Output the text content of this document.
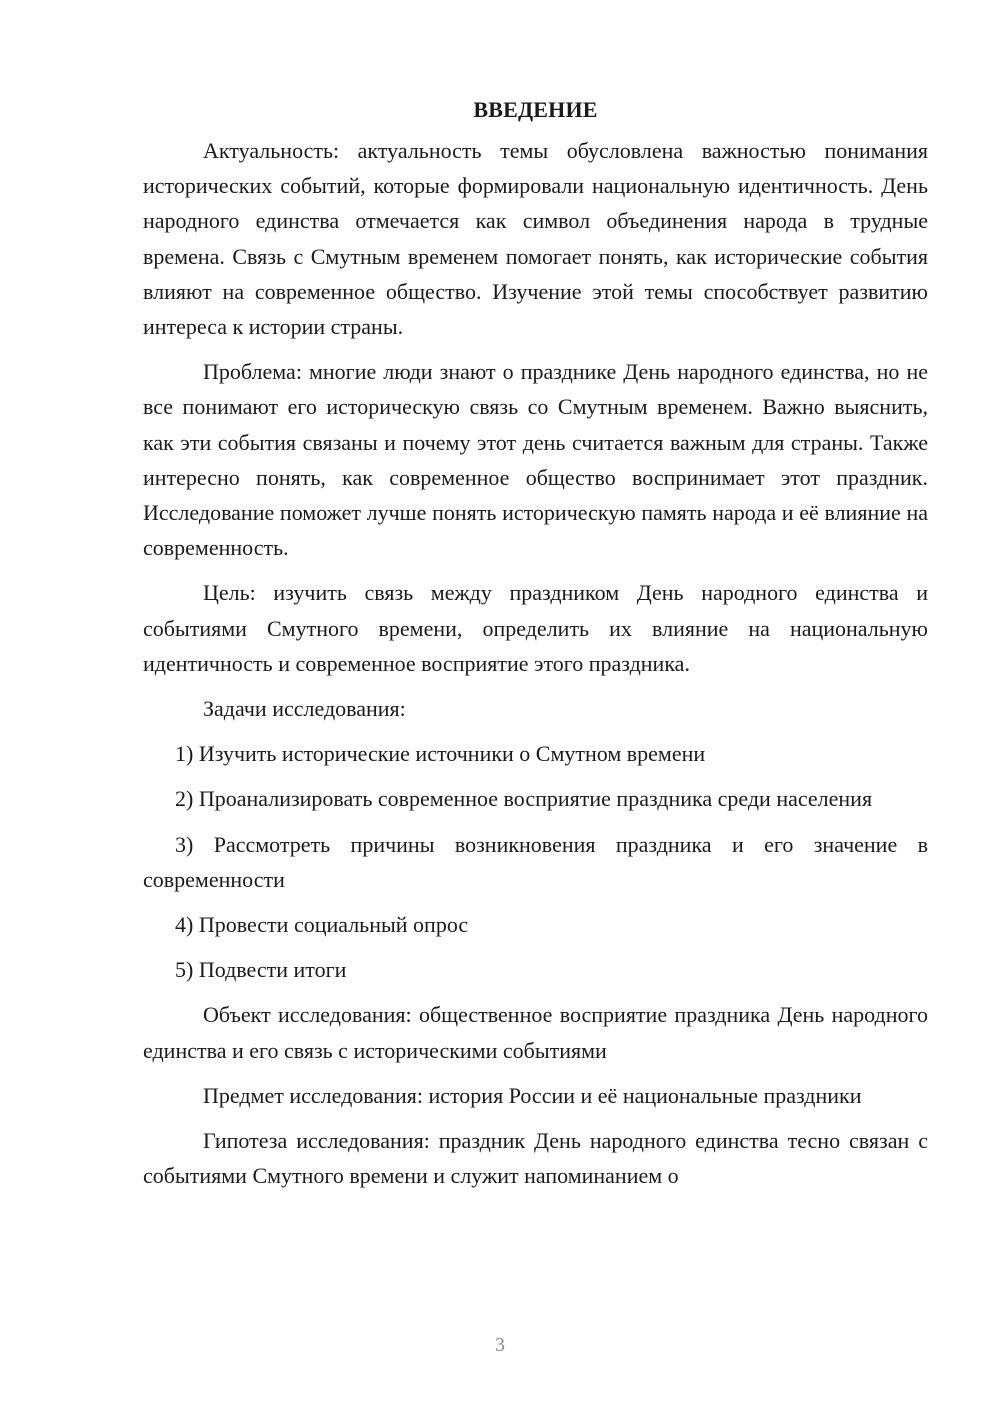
ВВЕДЕНИЕ

Актуальность: актуальность темы обусловлена важностью понимания исторических событий, которые формировали национальную идентичность. День народного единства отмечается как символ объединения народа в трудные времена. Связь с Смутным временем помогает понять, как исторические события влияют на современное общество. Изучение этой темы способствует развитию интереса к истории страны.

Проблема: многие люди знают о празднике День народного единства, но не все понимают его историческую связь со Смутным временем. Важно выяснить, как эти события связаны и почему этот день считается важным для страны. Также интересно понять, как современное общество воспринимает этот праздник. Исследование поможет лучше понять историческую память народа и её влияние на современность.

Цель: изучить связь между праздником День народного единства и событиями Смутного времени, определить их влияние на национальную идентичность и современное восприятие этого праздника.

Задачи исследования:

1) Изучить исторические источники о Смутном времени

2) Проанализировать современное восприятие праздника среди населения

3) Рассмотреть причины возникновения праздника и его значение в современности

4) Провести социальный опрос

5) Подвести итоги

Объект исследования: общественное восприятие праздника День народного единства и его связь с историческими событиями

Предмет исследования: история России и её национальные праздники

Гипотеза исследования: праздник День народного единства тесно связан с событиями Смутного времени и служит напоминанием о

3
